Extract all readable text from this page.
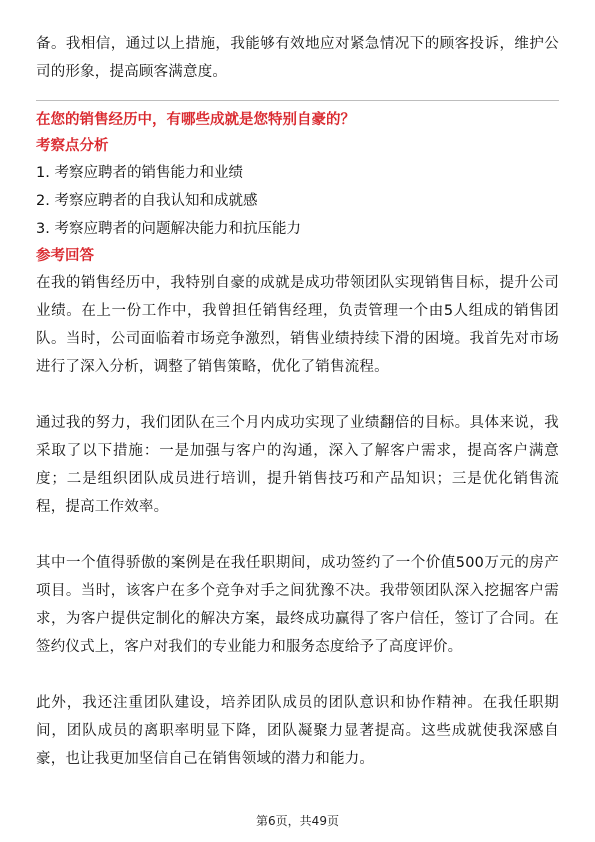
备。我相信，通过以上措施，我能够有效地应对紧急情况下的顾客投诉，维护公司的形象，提高顾客满意度。

在您的销售经历中，有哪些成就是您特别自豪的？

考察点分析

1. 考察应聘者的销售能力和业绩

2. 考察应聘者的自我认知和成就感

3. 考察应聘者的问题解决能力和抗压能力

参考回答

在我的销售经历中，我特别自豪的成就是成功带领团队实现销售目标，提升公司业绩。在上一份工作中，我曾担任销售经理，负责管理一个由5人组成的销售团队。当时，公司面临着市场竞争激烈，销售业绩持续下滑的困境。我首先对市场进行了深入分析，调整了销售策略，优化了销售流程。

通过我的努力，我们团队在三个月内成功实现了业绩翻倍的目标。具体来说，我采取了以下措施：一是加强与客户的沟通，深入了解客户需求，提高客户满意度；二是组织团队成员进行培训，提升销售技巧和产品知识；三是优化销售流程，提高工作效率。

其中一个值得骄傲的案例是在我任职期间，成功签约了一个价值500万元的房产项目。当时，该客户在多个竞争对手之间犹豫不决。我带领团队深入挖掘客户需求，为客户提供定制化的解决方案，最终成功赢得了客户信任，签订了合同。在签约仪式上，客户对我们的专业能力和服务态度给予了高度评价。

此外，我还注重团队建设，培养团队成员的团队意识和协作精神。在我任职期间，团队成员的离职率明显下降，团队凝聚力显著提高。这些成就使我深感自豪，也让我更加坚信自己在销售领域的潜力和能力。

第6页，共49页
